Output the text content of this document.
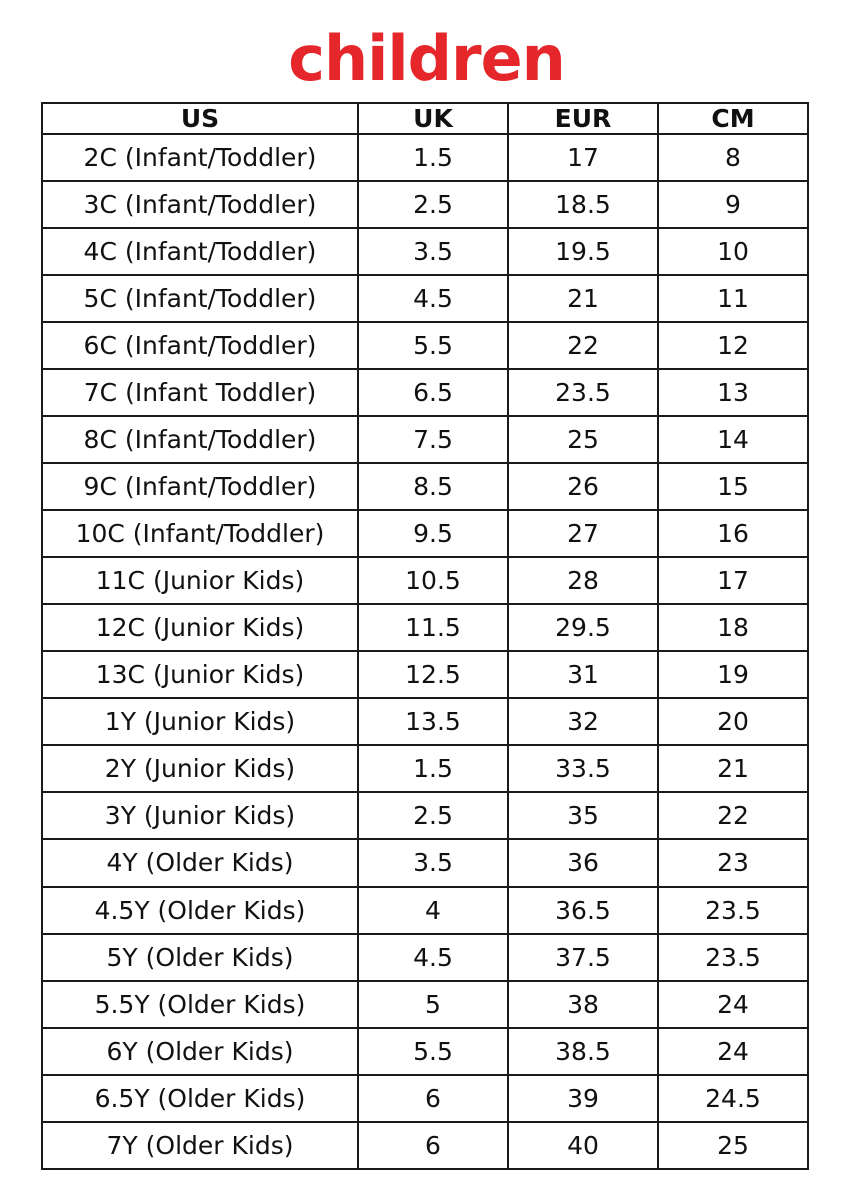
children
US	UK	EUR	CM
2C (Infant/Toddler)	1.5	17	8
3C (Infant/Toddler)	2.5	18.5	9
4C (Infant/Toddler)	3.5	19.5	10
5C (Infant/Toddler)	4.5	21	11
6C (Infant/Toddler)	5.5	22	12
7C (Infant Toddler)	6.5	23.5	13
8C (Infant/Toddler)	7.5	25	14
9C (Infant/Toddler)	8.5	26	15
10C (Infant/Toddler)	9.5	27	16
11C (Junior Kids)	10.5	28	17
12C (Junior Kids)	11.5	29.5	18
13C (Junior Kids)	12.5	31	19
1Y (Junior Kids)	13.5	32	20
2Y (Junior Kids)	1.5	33.5	21
3Y (Junior Kids)	2.5	35	22
4Y (Older Kids)	3.5	36	23
4.5Y (Older Kids)	4	36.5	23.5
5Y (Older Kids)	4.5	37.5	23.5
5.5Y (Older Kids)	5	38	24
6Y (Older Kids)	5.5	38.5	24
6.5Y (Older Kids)	6	39	24.5
7Y (Older Kids)	6	40	25
